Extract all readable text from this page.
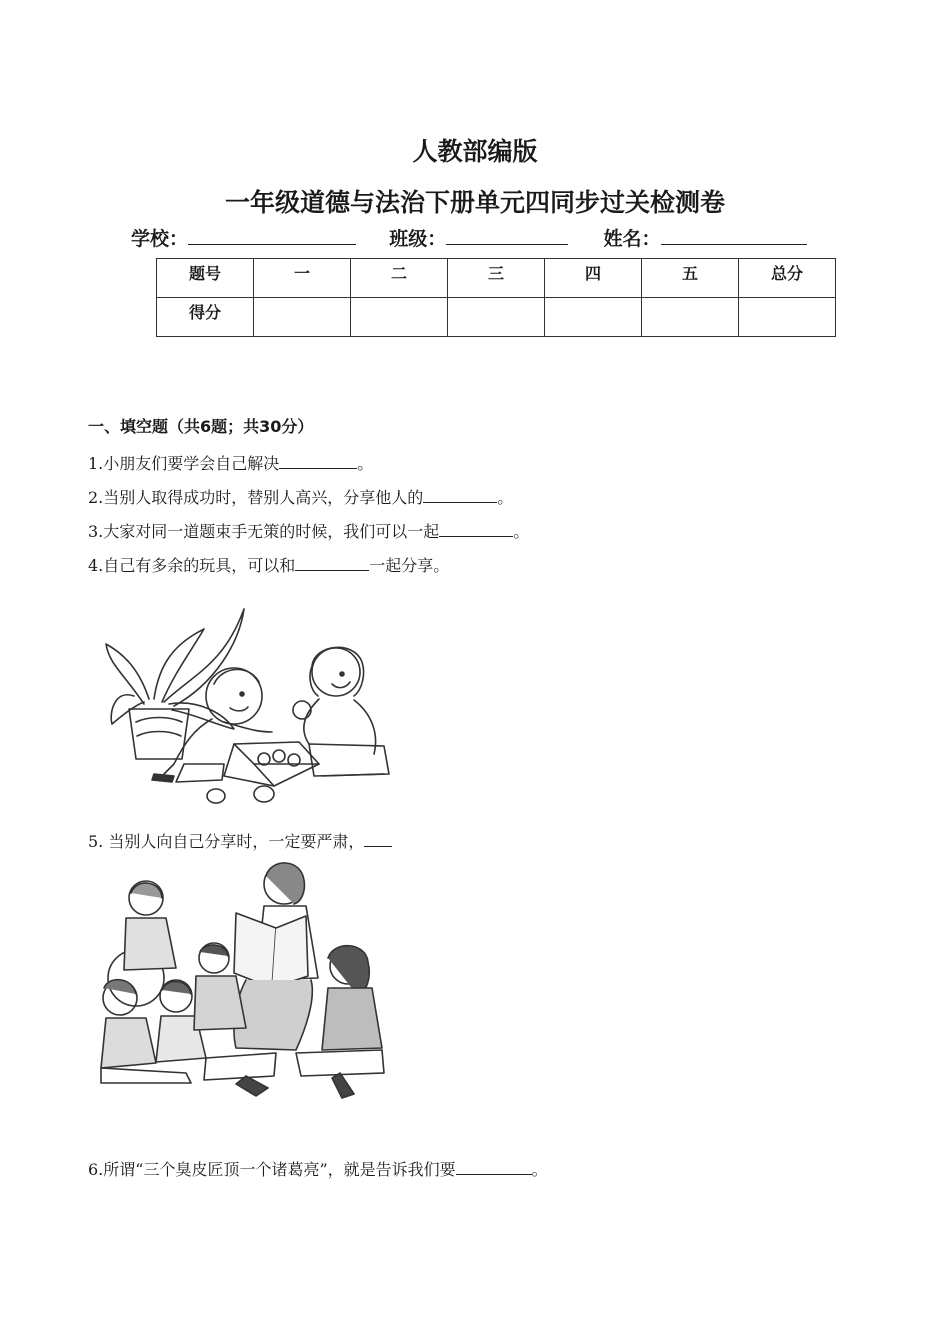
人教部编版
一年级道德与法治下册单元四同步过关检测卷
学校：	班级：	姓名：
题号	一	二	三	四	五	总分
得分						
一、填空题（共6题；共30分）
1.小朋友们要学会自己解决	。
2.当别人取得成功时，替别人高兴，分享他人的	。
3.大家对同一道题束手无策的时候，我们可以一起	。
4.自己有多余的玩具，可以和	一起分享。
5. 当别人向自己分享时，一定要严肃，
6.所谓“三个臭皮匠顶一个诸葛亮”，就是告诉我们要	。
